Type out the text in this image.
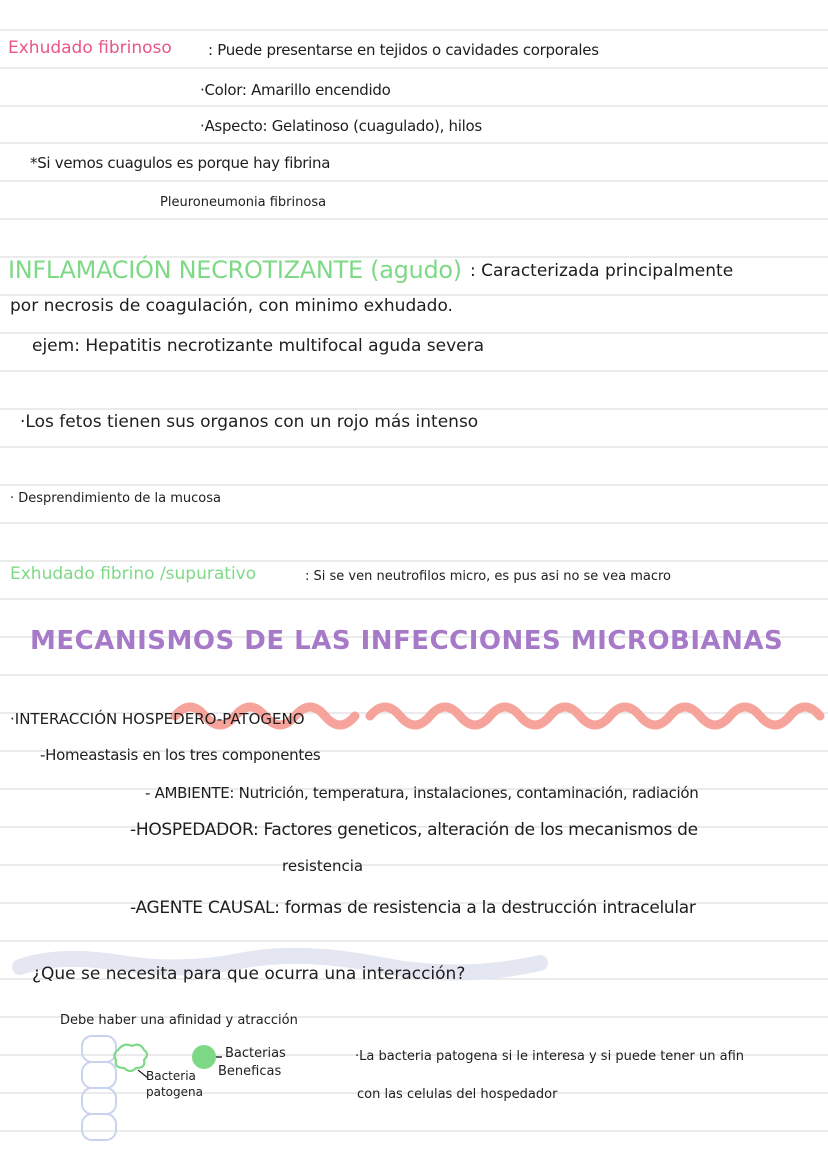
Exhudado fibrinoso : Puede presentarse en tejidos o cavidades corporales
·Color: Amarillo encendido
·Aspecto: Gelatinoso (cuagulado), hilos
*Si vemos cuagulos es porque hay fibrina
Pleuroneumonia fibrinosa
INFLAMACIÓN NECROTIZANTE (agudo) : Caracterizada principalmente
por necrosis de coagulación, con minimo exhudado.
ejem: Hepatitis necrotizante multifocal aguda severa
·Los fetos tienen sus organos con un rojo más intenso
· Desprendimiento de la mucosa
Exhudado fibrino /supurativo	: Si se ven neutrofilos micro, es pus asi no se vea macro
MECANISMOS DE LAS INFECCIONES MICROBIANAS
·INTERACCIÓN HOSPEDERO-PATOGENO
-Homeastasis en los tres componentes
- AMBIENTE: Nutrición, temperatura, instalaciones, contaminación, radiación
-HOSPEDADOR: Factores geneticos, alteración de los mecanismos de
resistencia
-AGENTE CAUSAL: formas de resistencia a la destrucción intracelular
¿Que se necesita para que ocurra una interacción?
Debe haber una afinidad y atracción
Bacterias
Beneficas
Bacteria
patogena
·La bacteria patogena si le interesa y si puede tener un afin
con las celulas del hospedador
